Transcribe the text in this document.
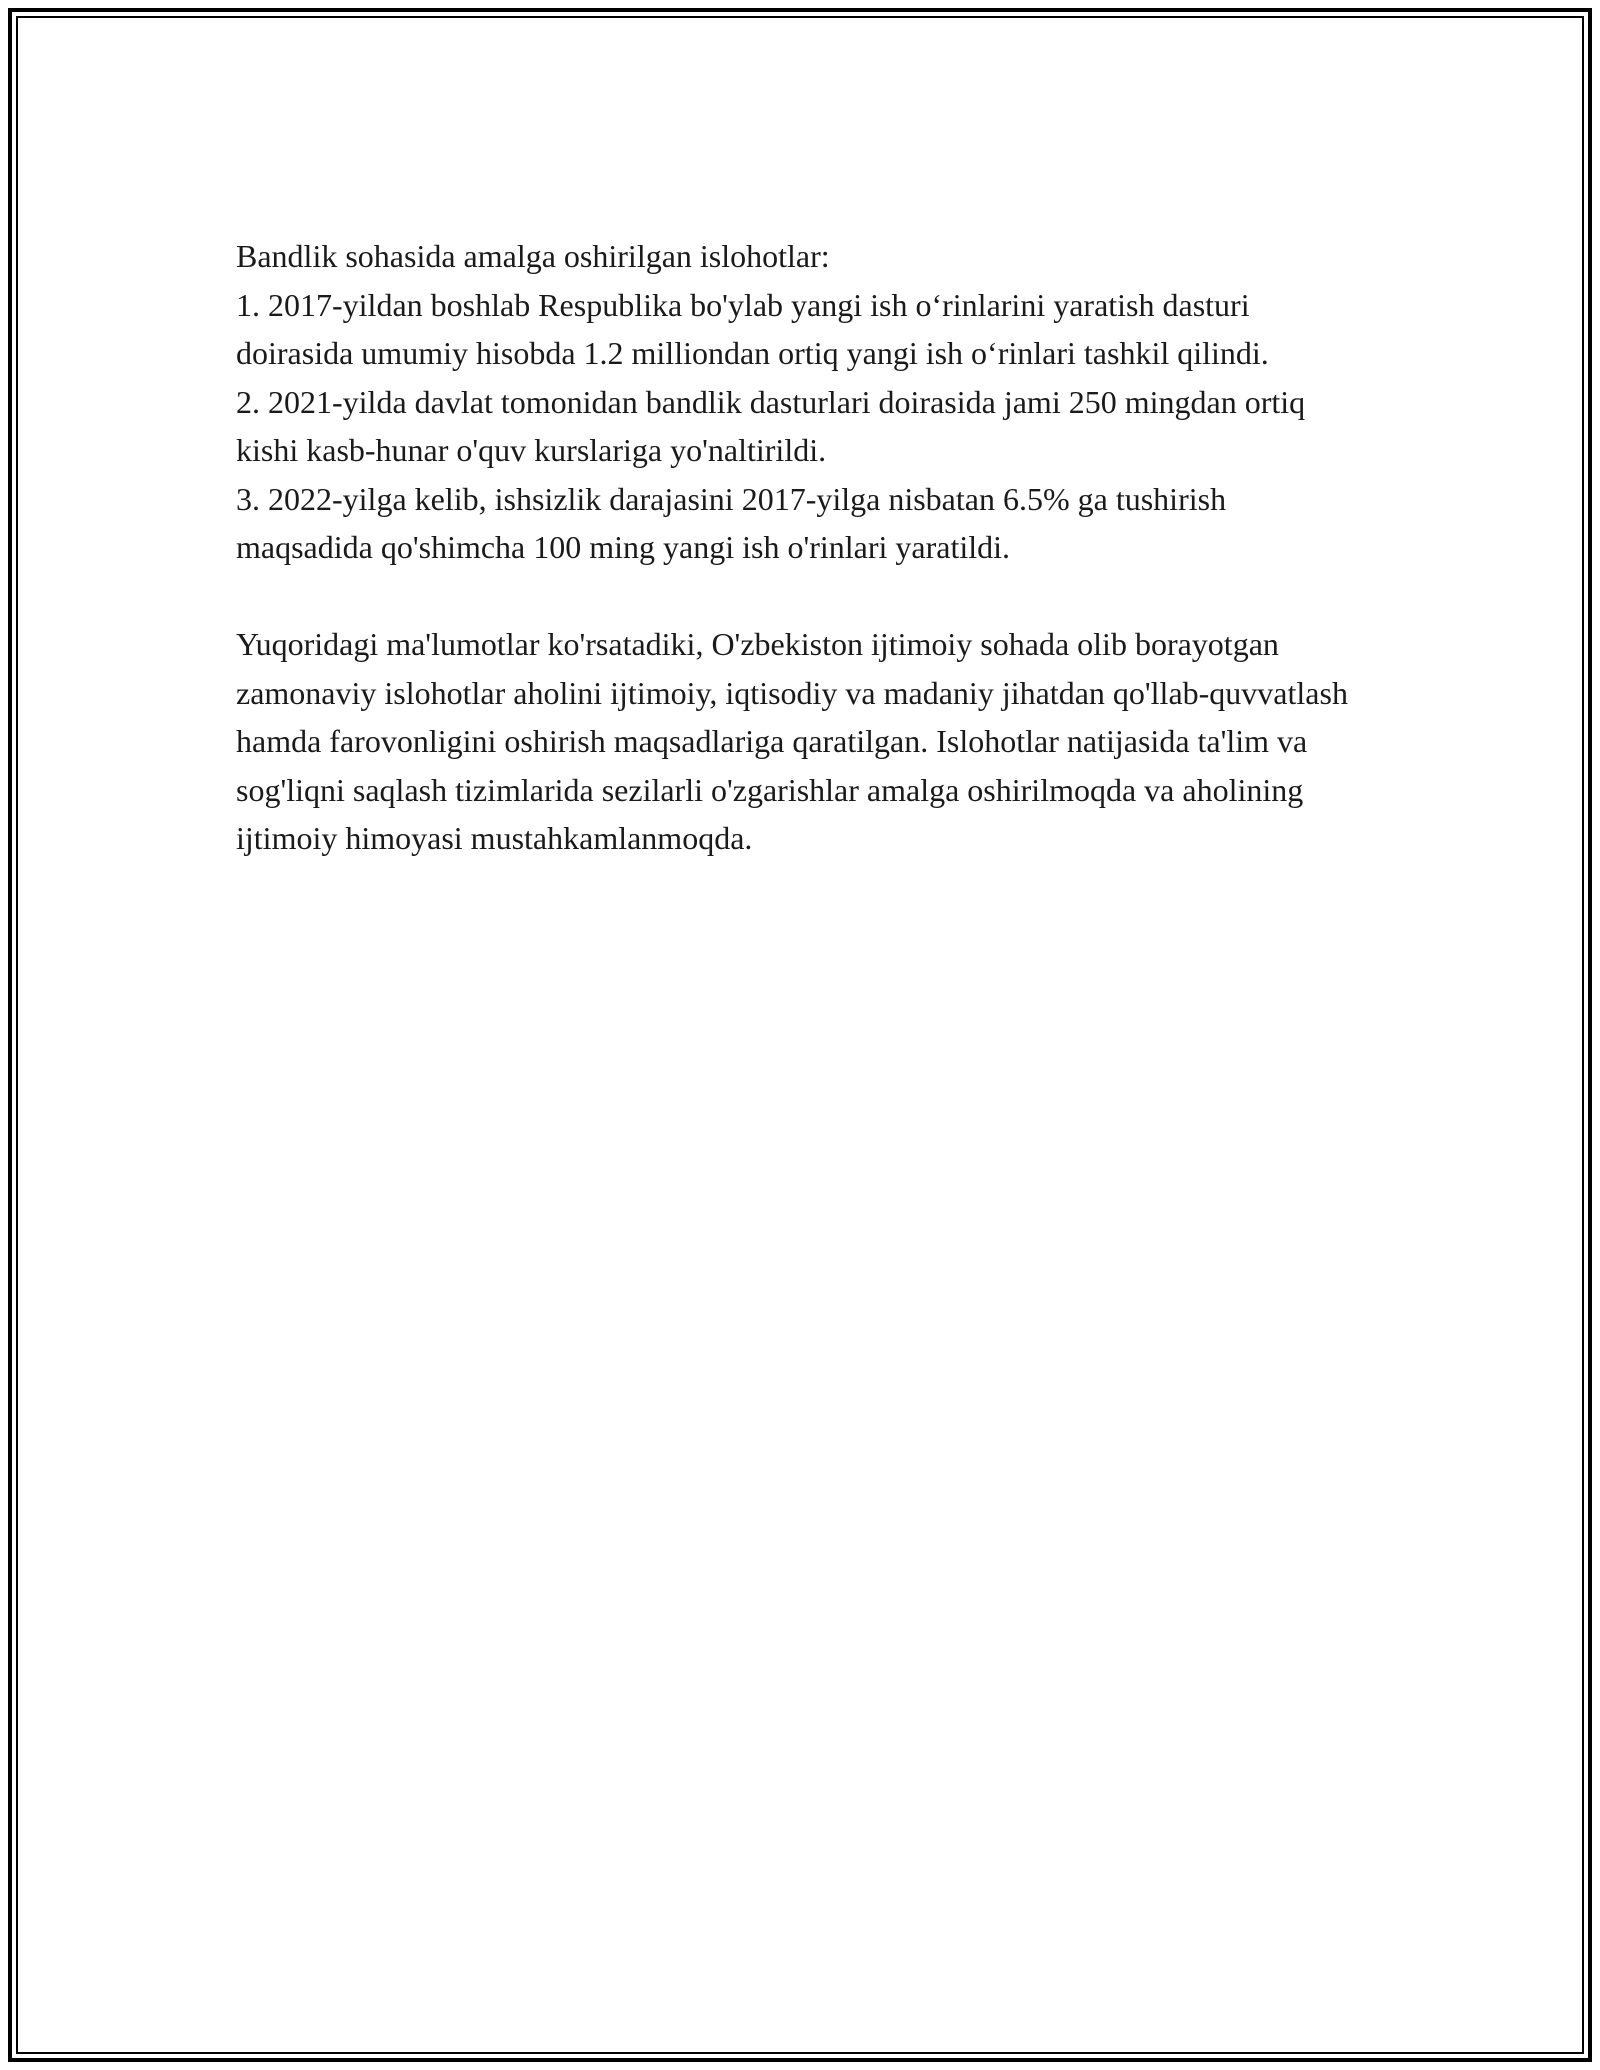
Bandlik sohasida amalga oshirilgan islohotlar:

1. 2017-yildan boshlab Respublika bo'ylab yangi ish o‘rinlarini yaratish dasturi doirasida umumiy hisobda 1.2 milliondan ortiq yangi ish o‘rinlari tashkil qilindi.

2. 2021-yilda davlat tomonidan bandlik dasturlari doirasida jami 250 mingdan ortiq kishi kasb-hunar o'quv kurslariga yo'naltirildi.

3. 2022-yilga kelib, ishsizlik darajasini 2017-yilga nisbatan 6.5% ga tushirish maqsadida qo'shimcha 100 ming yangi ish o'rinlari yaratildi.

Yuqoridagi ma'lumotlar ko'rsatadiki, O'zbekiston ijtimoiy sohada olib borayotgan zamonaviy islohotlar aholini ijtimoiy, iqtisodiy va madaniy jihatdan qo'llab-quvvatlash hamda farovonligini oshirish maqsadlariga qaratilgan. Islohotlar natijasida ta'lim va sog'liqni saqlash tizimlarida sezilarli o'zgarishlar amalga oshirilmoqda va aholining ijtimoiy himoyasi mustahkamlanmoqda.
